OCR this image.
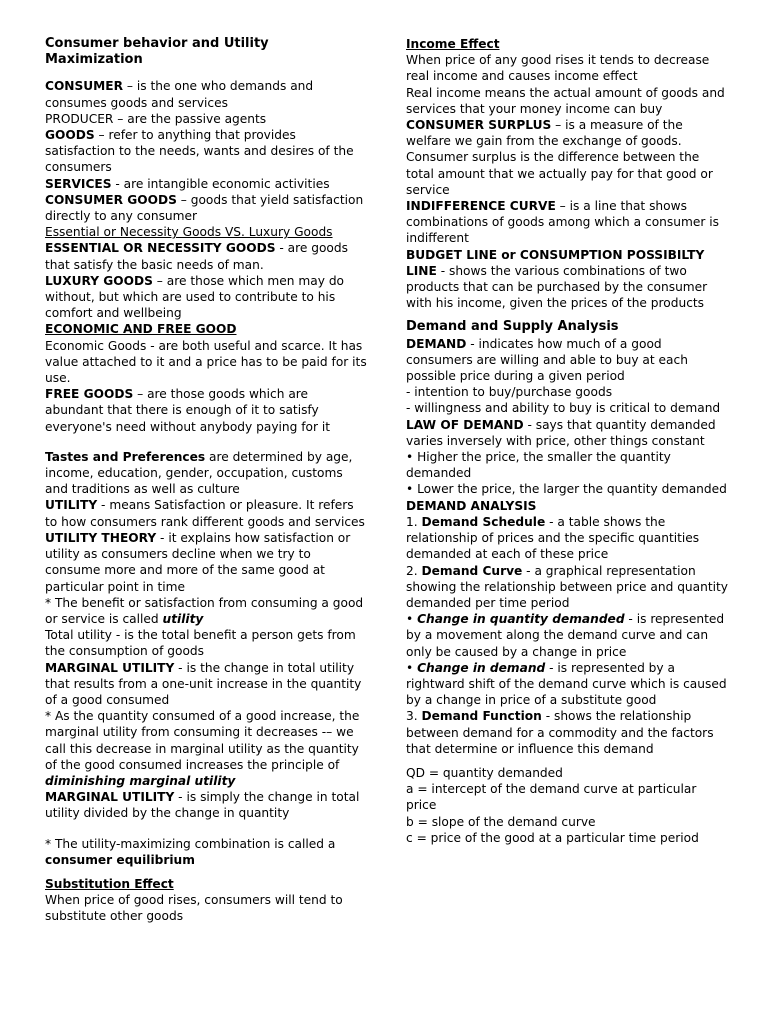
Consumer behavior and Utility Maximization

CONSUMER – is the one who demands and consumes goods and services

PRODUCER – are the passive agents

GOODS – refer to anything that provides satisfaction to the needs, wants and desires of the consumers

SERVICES - are intangible economic activities

CONSUMER GOODS – goods that yield satisfaction directly to any consumer

Essential or Necessity Goods VS. Luxury Goods

ESSENTIAL OR NECESSITY GOODS - are goods that satisfy the basic needs of man.

LUXURY GOODS – are those which men may do without, but which are used to contribute to his comfort and wellbeing

ECONOMIC AND FREE GOOD

Economic Goods - are both useful and scarce. It has value attached to it and a price has to be paid for its use.

FREE GOODS – are those goods which are abundant that there is enough of it to satisfy everyone's need without anybody paying for it

Tastes and Preferences are determined by age, income, education, gender, occupation, customs and traditions as well as culture

UTILITY - means Satisfaction or pleasure. It refers to how consumers rank different goods and services

UTILITY THEORY - it explains how satisfaction or utility as consumers decline when we try to consume more and more of the same good at particular point in time

* The benefit or satisfaction from consuming a good or service is called utility

Total utility - is the total benefit a person gets from the consumption of goods

MARGINAL UTILITY - is the change in total utility that results from a one-unit increase in the quantity of a good consumed

* As the quantity consumed of a good increase, the marginal utility from consuming it decreases -– we call this decrease in marginal utility as the quantity of the good consumed increases the principle of diminishing marginal utility

MARGINAL UTILITY - is simply the change in total utility divided by the change in quantity

* The utility-maximizing combination is called a consumer equilibrium

Substitution Effect

When price of good rises, consumers will tend to substitute other goods

Income Effect

When price of any good rises it tends to decrease real income and causes income effect

Real income means the actual amount of goods and services that your money income can buy

CONSUMER SURPLUS – is a measure of the welfare we gain from the exchange of goods.

Consumer surplus is the difference between the total amount that we actually pay for that good or service

INDIFFERENCE CURVE – is a line that shows combinations of goods among which a consumer is indifferent

BUDGET LINE or CONSUMPTION POSSIBILTY LINE - shows the various combinations of two products that can be purchased by the consumer with his income, given the prices of the products

Demand and Supply Analysis

DEMAND - indicates how much of a good consumers are willing and able to buy at each possible price during a given period

- intention to buy/purchase goods

- willingness and ability to buy is critical to demand

LAW OF DEMAND - says that quantity demanded varies inversely with price, other things constant

• Higher the price, the smaller the quantity demanded

• Lower the price, the larger the quantity demanded

DEMAND ANALYSIS

1. Demand Schedule - a table shows the relationship of prices and the specific quantities demanded at each of these price

2. Demand Curve - a graphical representation showing the relationship between price and quantity demanded per time period

• Change in quantity demanded - is represented by a movement along the demand curve and can only be caused by a change in price

• Change in demand - is represented by a rightward shift of the demand curve which is caused by a change in price of a substitute good

3. Demand Function - shows the relationship between demand for a commodity and the factors that determine or influence this demand

QD = quantity demanded

a = intercept of the demand curve at particular price

b = slope of the demand curve

c = price of the good at a particular time period
